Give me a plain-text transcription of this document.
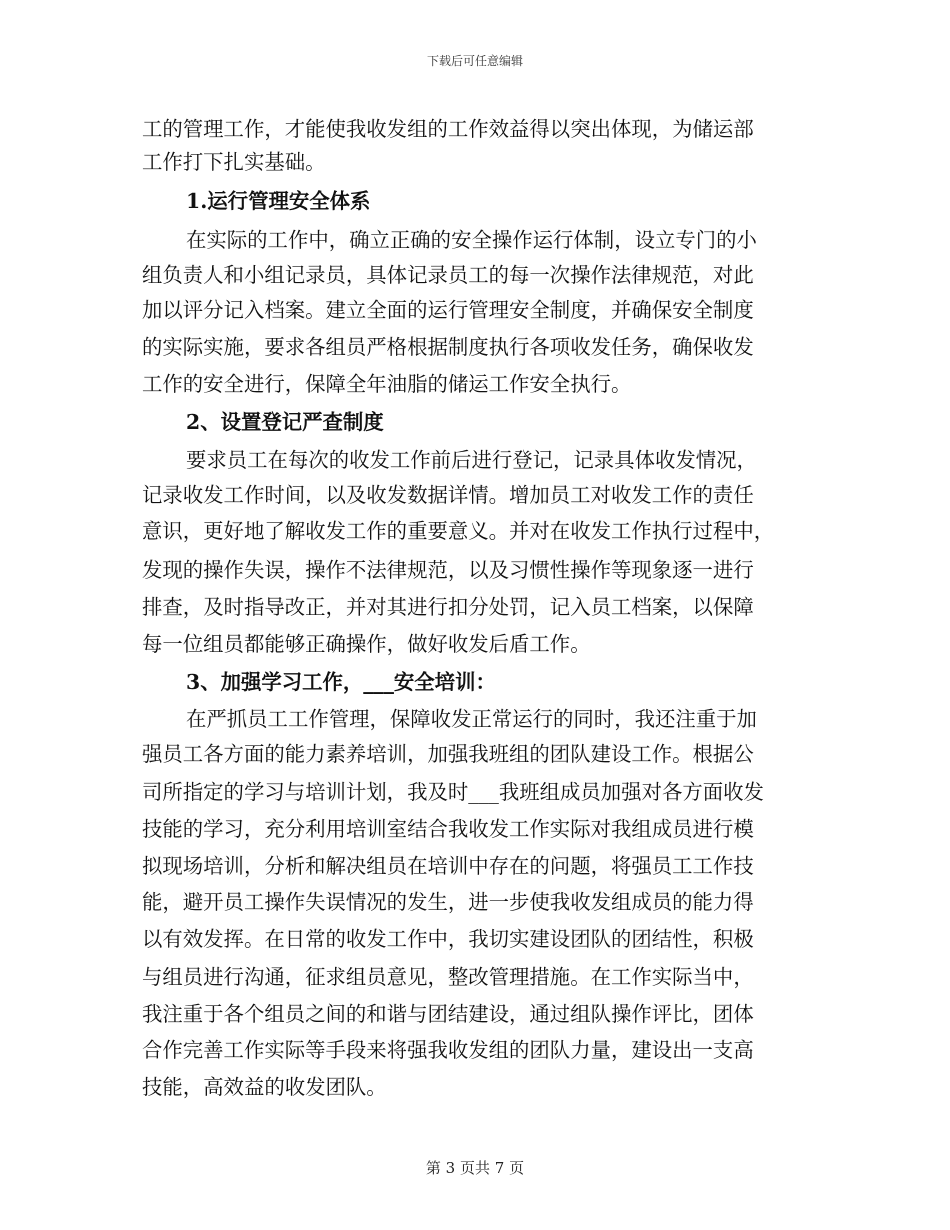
下载后可任意编辑
工的管理工作，才能使我收发组的工作效益得以突出体现，为储运部
工作打下扎实基础。
1.运行管理安全体系
在实际的工作中，确立正确的安全操作运行体制，设立专门的小
组负责人和小组记录员，具体记录员工的每一次操作法律规范，对此
加以评分记入档案。建立全面的运行管理安全制度，并确保安全制度
的实际实施，要求各组员严格根据制度执行各项收发任务，确保收发
工作的安全进行，保障全年油脂的储运工作安全执行。
2、设置登记严查制度
要求员工在每次的收发工作前后进行登记，记录具体收发情况，
记录收发工作时间，以及收发数据详情。增加员工对收发工作的责任
意识，更好地了解收发工作的重要意义。并对在收发工作执行过程中，
发现的操作失误，操作不法律规范，以及习惯性操作等现象逐一进行
排查，及时指导改正，并对其进行扣分处罚，记入员工档案，以保障
每一位组员都能够正确操作，做好收发后盾工作。
3、加强学习工作，___安全培训：
在严抓员工工作管理，保障收发正常运行的同时，我还注重于加
强员工各方面的能力素养培训，加强我班组的团队建设工作。根据公
司所指定的学习与培训计划，我及时___我班组成员加强对各方面收发
技能的学习，充分利用培训室结合我收发工作实际对我组成员进行模
拟现场培训，分析和解决组员在培训中存在的问题，将强员工工作技
能，避开员工操作失误情况的发生，进一步使我收发组成员的能力得
以有效发挥。在日常的收发工作中，我切实建设团队的团结性，积极
与组员进行沟通，征求组员意见，整改管理措施。在工作实际当中，
我注重于各个组员之间的和谐与团结建设，通过组队操作评比，团体
合作完善工作实际等手段来将强我收发组的团队力量，建设出一支高
技能，高效益的收发团队。
第 3 页共 7 页
